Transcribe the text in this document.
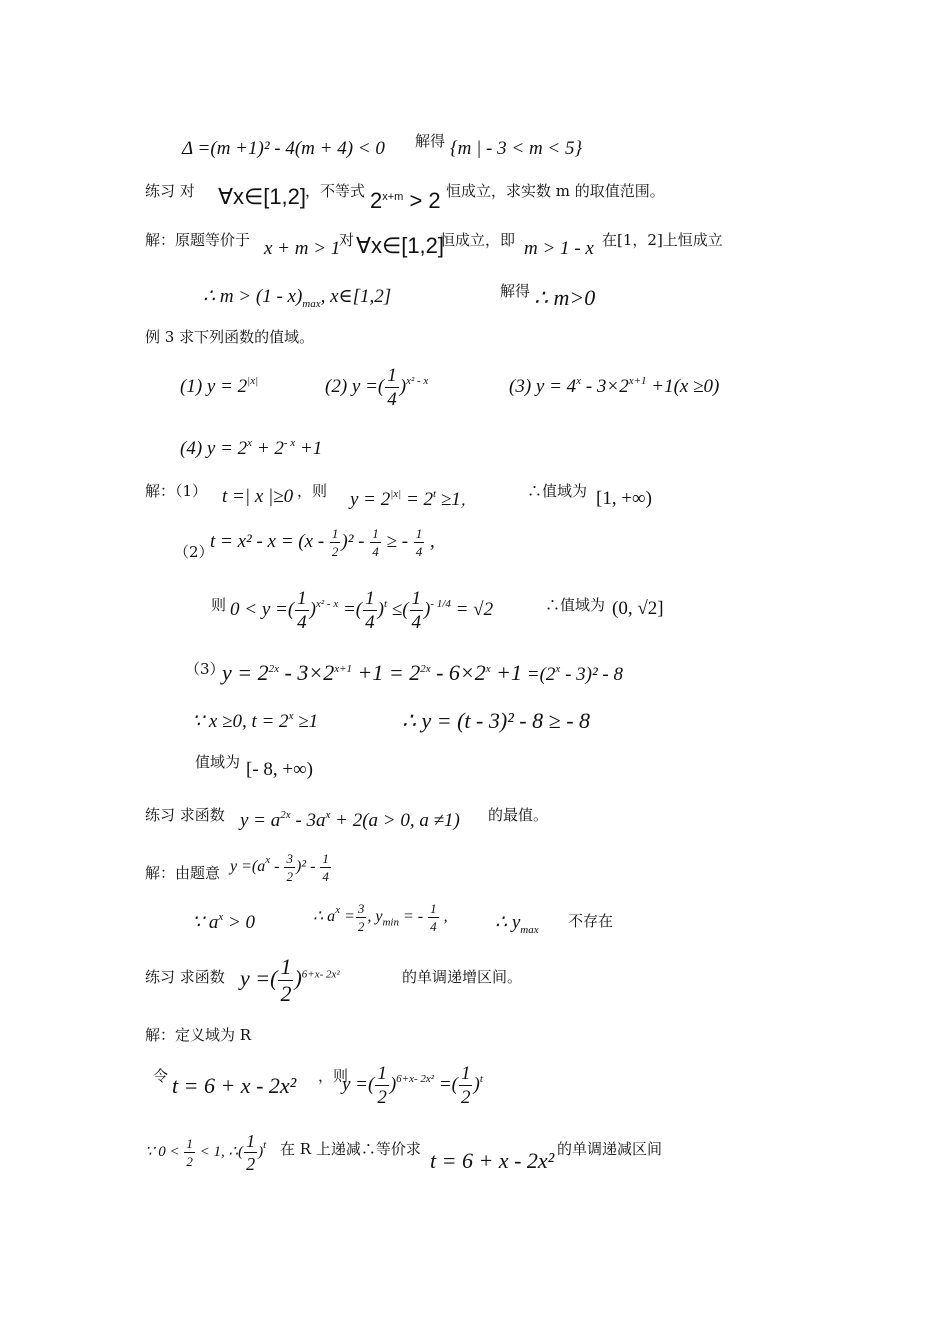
Δ =(m +1)² - 4(m + 4) < 0 解得 {m | - 3 < m < 5}
练习 对 ∀x∈[1,2]
，不等式 $2^{x+m} > 2$ 恒成立，求实数 m 的取值范围。
解：原题等价于 x + m > 1
对 ∀x∈[1,2]
恒成立，即 m > 1 - x 在[1，2]上恒成立
∴ $m > (1 - x)_{max}$, x∈[1,2]	解得 ∴ m>0
例 3 求下列函数的值域。
(1) $y = 2^{|x|}$	(2) y =( $\frac{1}{4} )^{x^2 - x}$	(3) $y = 4^x - 3\times 2^{x+1} +1(x \ge 0)$
(4) $y = 2^x + 2^{- x} +1$
解：（1） t =| x |≥0 ，则 $y = 2^{|x|} = 2^t \ge 1$，
∴值域为 [1, +∞)
（2）
$t = x^2 - x = (x - \frac{1}{2} )^2 - \frac{1}{4}$ ≥ - $\frac{1}{4}$ ,
则 0 < y =( $\frac{1}{4} )^{x^2 - x}$ =( $\frac{1}{4} )^t$ ≤( $\frac{1}{4} )^{- 1/4} = √2$	∴值域为 (0, √2]
（3）
$y = 2^{2x} - 3\times 2^{x+1} +1 = 2^{2x} - 6\times 2^x +1 =(2^x - 3)^2 - 8$
∵ x ≥0, $t = 2^x \ge 1$	∴ y = (t - 3)² - 8 ≥ - 8
值域为 [- 8, +∞)
练习 求函数 $y = a^{2x} - 3a^x + 2(a > 0$, a ≠1) 的最值。
解：由题意 $y =(a^x - \frac{3}{2} )^2 - \frac{1}{4}$
∵ $a^x > 0$	∴ $a^x = \frac{3}{2}$ , $y_{min}$ = - $\frac{1}{4}$ , ∴ $y_{max}$ 不存在
练习 求函数 y =( $\frac{1}{2} )^{6+x- 2x^2}$	的单调递增区间。
解：定义域为 R
令 t = 6 + x - 2x² ，则
y =( $\frac{1}{2} )^{6+x- 2x^2}$ =( $\frac{1}{2} )^t$
∵ $0 < \frac{1}{2} < 1$, ∴( $\frac{1}{2} )^t$ 在 R 上递减∴等价求 t = 6 + x - 2x² 的单调递减区间
